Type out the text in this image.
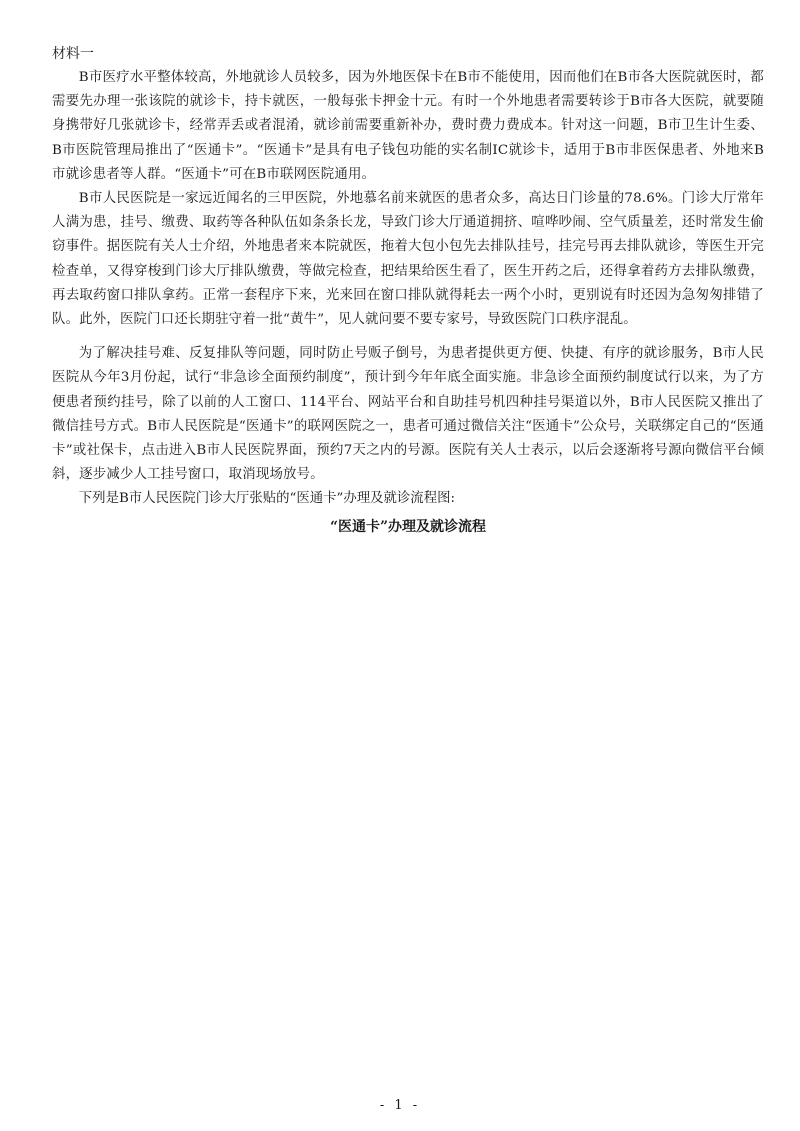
材料一

B市医疗水平整体较高，外地就诊人员较多，因为外地医保卡在B市不能使用，因而他们在B市各大医院就医时，都需要先办理一张该院的就诊卡，持卡就医，一般每张卡押金十元。有时一个外地患者需要转诊于B市各大医院，就要随身携带好几张就诊卡，经常弄丢或者混淆，就诊前需要重新补办，费时费力费成本。针对这一问题，B市卫生计生委、B市医院管理局推出了“医通卡”。“医通卡”是具有电子钱包功能的实名制IC就诊卡，适用于B市非医保患者、外地来B市就诊患者等人群。“医通卡”可在B市联网医院通用。

B市人民医院是一家远近闻名的三甲医院，外地慕名前来就医的患者众多，高达日门诊量的78.6%。门诊大厅常年人满为患，挂号、缴费、取药等各种队伍如条条长龙，导致门诊大厅通道拥挤、喧哗吵闹、空气质量差，还时常发生偷窃事件。据医院有关人士介绍，外地患者来本院就医，拖着大包小包先去排队挂号，挂完号再去排队就诊，等医生开完检查单，又得穿梭到门诊大厅排队缴费，等做完检查，把结果给医生看了，医生开药之后，还得拿着药方去排队缴费，再去取药窗口排队拿药。正常一套程序下来，光来回在窗口排队就得耗去一两个小时，更别说有时还因为急匆匆排错了队。此外，医院门口还长期驻守着一批“黄牛”，见人就问要不要专家号，导致医院门口秩序混乱。

为了解决挂号难、反复排队等问题，同时防止号贩子倒号，为患者提供更方便、快捷、有序的就诊服务，B市人民医院从今年3月份起，试行“非急诊全面预约制度”，预计到今年年底全面实施。非急诊全面预约制度试行以来，为了方便患者预约挂号，除了以前的人工窗口、114平台、网站平台和自助挂号机四种挂号渠道以外，B市人民医院又推出了微信挂号方式。B市人民医院是“医通卡”的联网医院之一，患者可通过微信关注“医通卡”公众号，关联绑定自己的“医通卡”或社保卡，点击进入B市人民医院界面，预约7天之内的号源。医院有关人士表示，以后会逐渐将号源向微信平台倾斜，逐步减少人工挂号窗口，取消现场放号。

下列是B市人民医院门诊大厅张贴的“医通卡”办理及就诊流程图:

“医通卡”办理及就诊流程

- 1 -
